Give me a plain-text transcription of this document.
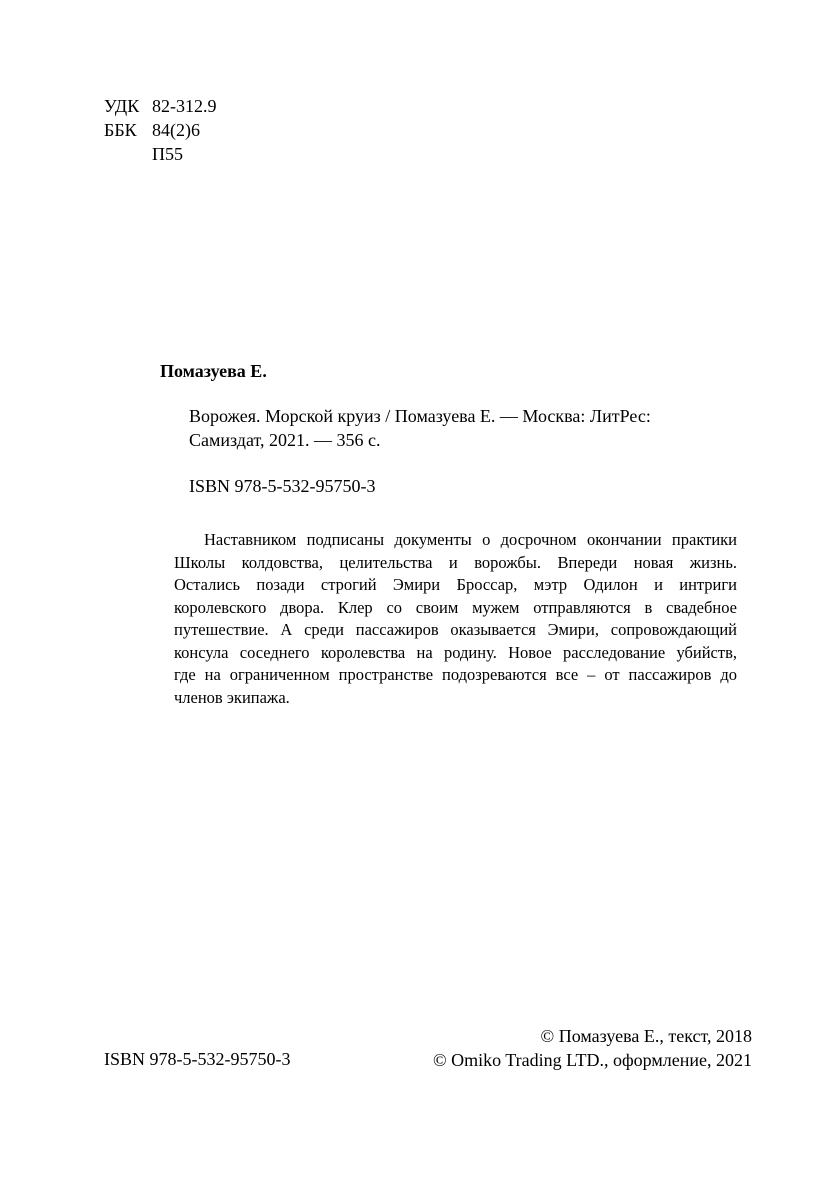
УДК 82-312.9
ББК 84(2)6
П55
Помазуева Е.
Ворожея. Морской круиз / Помазуева Е. — Москва: ЛитРес:
Самиздат, 2021. — 356 с.
ISBN 978-5-532-95750-3
Наставником подписаны документы о досрочном окончании практики
Школы колдовства, целительства и ворожбы. Впереди новая жизнь.
Остались позади строгий Эмири Броссар, мэтр Одилон и интриги
королевского двора. Клер со своим мужем отправляются в свадебное
путешествие. А среди пассажиров оказывается Эмири, сопровождающий
консула соседнего королевства на родину. Новое расследование убийств,
где на ограниченном пространстве подозреваются все – от пассажиров до
членов экипажа.
ISBN 978-5-532-95750-3
© Помазуева Е., текст, 2018
© Omiko Trading LTD., оформление, 2021
